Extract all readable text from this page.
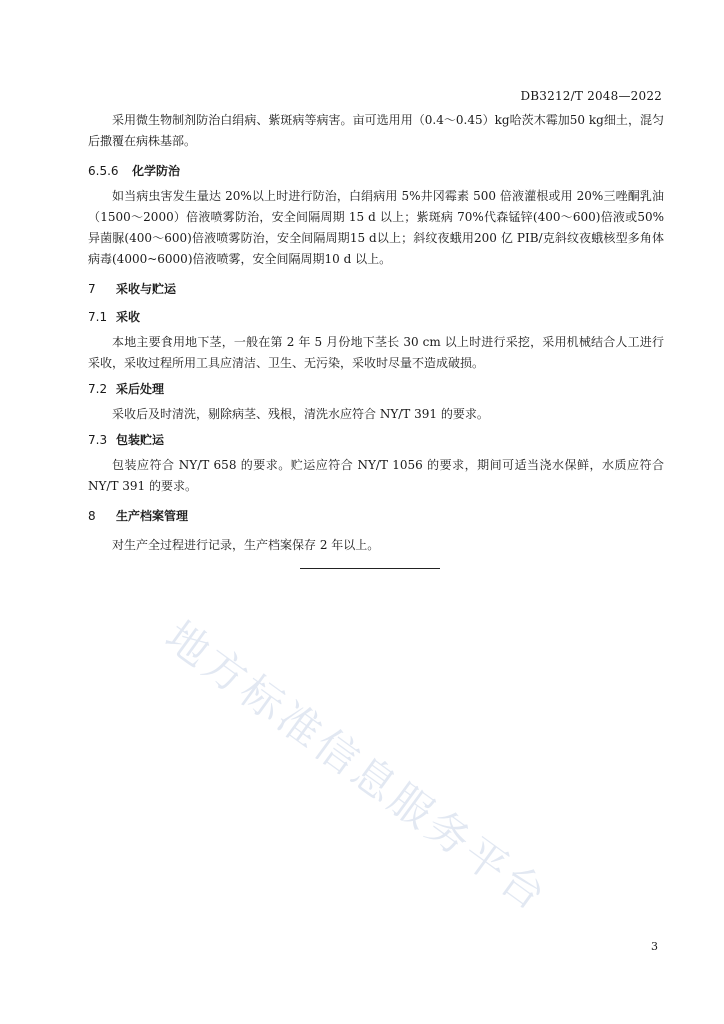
DB3212/T 2048—2022

采用微生物制剂防治白绢病、紫斑病等病害。亩可选用用（0.4～0.45）kg哈茨木霉加50 kg细土，混匀后撒覆在病株基部。

6.5.6 化学防治

如当病虫害发生量达 20%以上时进行防治，白绢病用 5%井冈霉素 500 倍液灌根或用 20%三唑酮乳油（1500～2000）倍液喷雾防治，安全间隔周期 15 d 以上；紫斑病 70%代森锰锌(400～600)倍液或50%异菌脲(400～600)倍液喷雾防治，安全间隔周期15 d以上；斜纹夜蛾用200 亿 PIB/克斜纹夜蛾核型多角体病毒(4000~6000)倍液喷雾，安全间隔周期10 d 以上。

7 采收与贮运
7.1 采收

本地主要食用地下茎，一般在第 2 年 5 月份地下茎长 30 cm 以上时进行采挖，采用机械结合人工进行采收，采收过程所用工具应清洁、卫生、无污染，采收时尽量不造成破损。

7.2 采后处理

采收后及时清洗，剔除病茎、残根，清洗水应符合 NY/T 391 的要求。

7.3 包装贮运

包装应符合 NY/T 658 的要求。贮运应符合 NY/T 1056 的要求，期间可适当浇水保鲜，水质应符合 NY/T 391 的要求。

8 生产档案管理

对生产全过程进行记录，生产档案保存 2 年以上。

地方标准信息服务平台
3
